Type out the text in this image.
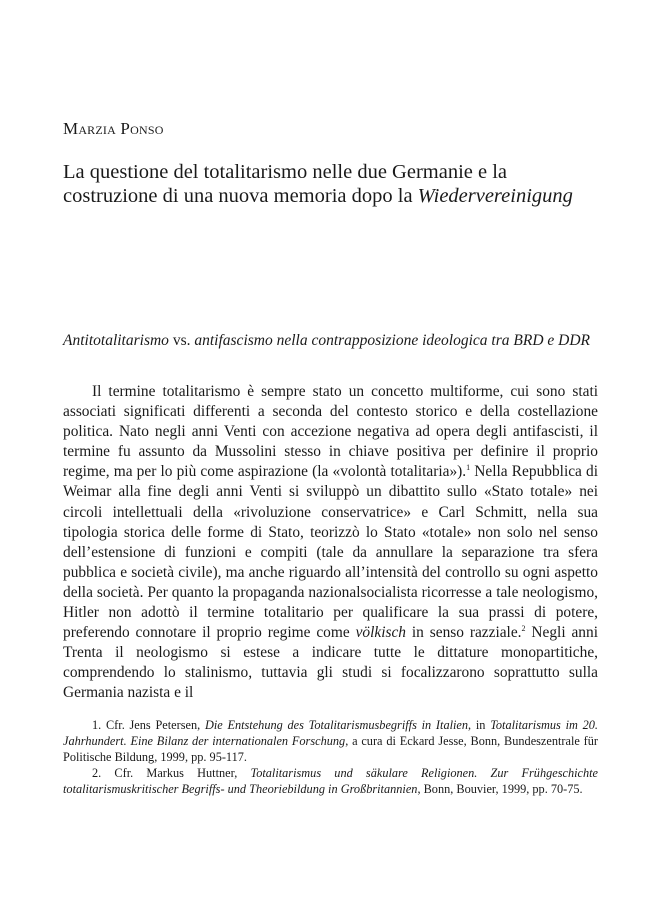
Marzia Ponso
La questione del totalitarismo nelle due Germanie e la costruzione di una nuova memoria dopo la Wiedervereinigung
Antitotalitarismo vs. antifascismo nella contrapposizione ideologica tra BRD e DDR

Il termine totalitarismo è sempre stato un concetto multiforme, cui sono stati associati significati differenti a seconda del contesto storico e della costellazione politica. Nato negli anni Venti con accezione negativa ad opera degli antifascisti, il termine fu assunto da Mussolini stesso in chiave positiva per definire il proprio regime, ma per lo più come aspirazione (la «volontà totalitaria»).$^1$ Nella Repubblica di Weimar alla fine degli anni Venti si sviluppò un dibattito sullo «Stato totale» nei circoli intellettuali della «rivoluzione conservatrice» e Carl Schmitt, nella sua tipologia storica delle forme di Stato, teorizzò lo Stato «totale» non solo nel senso dell’estensione di funzioni e compiti (tale da annullare la separazione tra sfera pubblica e società civile), ma anche riguardo all’intensità del controllo su ogni aspetto della società. Per quanto la propaganda nazionalsocialista ricorresse a tale neologismo, Hitler non adottò il termine totalitario per qualificare la sua prassi di potere, preferendo connotare il proprio regime come völkisch in senso razziale.$^2$ Negli anni Trenta il neologismo si estese a indicare tutte le dittature monopartitiche, comprendendo lo stalinismo, tuttavia gli studi si focalizzarono soprattutto sulla Germania nazista e il

1. Cfr. Jens Petersen, Die Entstehung des Totalitarismusbegriffs in Italien, in Totalitarismus im 20. Jahrhundert. Eine Bilanz der internationalen Forschung, a cura di Eckard Jesse, Bonn, Bundeszentrale für Politische Bildung, 1999, pp. 95-117.

2. Cfr. Markus Huttner, Totalitarismus und säkulare Religionen. Zur Frühgeschichte totalitarismuskritischer Begriffs- und Theoriebildung in Großbritannien, Bonn, Bouvier, 1999, pp. 70-75.
